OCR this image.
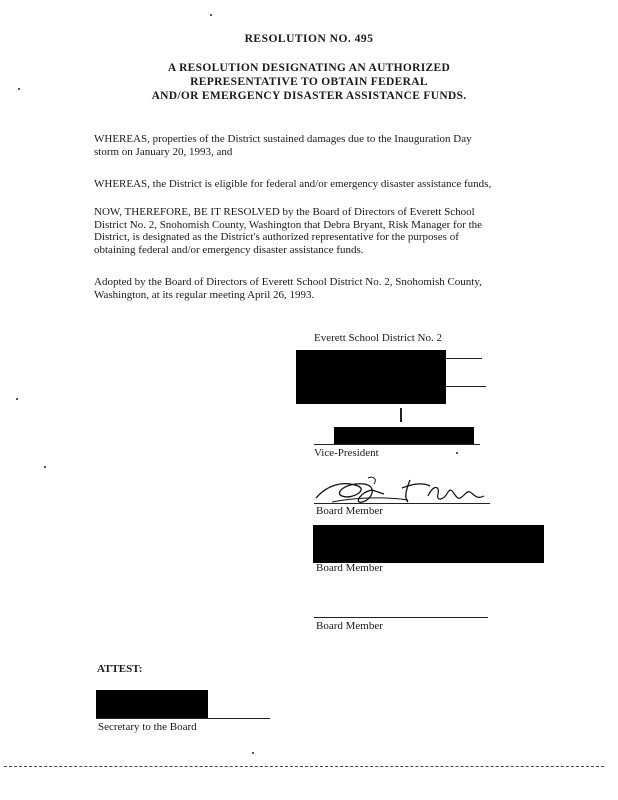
RESOLUTION NO. 495
A RESOLUTION DESIGNATING AN AUTHORIZED
REPRESENTATIVE TO OBTAIN FEDERAL
AND/OR EMERGENCY DISASTER ASSISTANCE FUNDS.
WHEREAS, properties of the District sustained damages due to the Inauguration Day
storm on January 20, 1993, and
WHEREAS, the District is eligible for federal and/or emergency disaster assistance funds,
NOW, THEREFORE, BE IT RESOLVED by the Board of Directors of Everett School
District No. 2, Snohomish County, Washington that Debra Bryant, Risk Manager for the
District, is designated as the District's authorized representative for the purposes of
obtaining federal and/or emergency disaster assistance funds.
Adopted by the Board of Directors of Everett School District No. 2, Snohomish County,
Washington, at its regular meeting April 26, 1993.
Everett School District No. 2
Vice-President
Board Member
Board Member
Board Member
ATTEST:
Secretary to the Board
